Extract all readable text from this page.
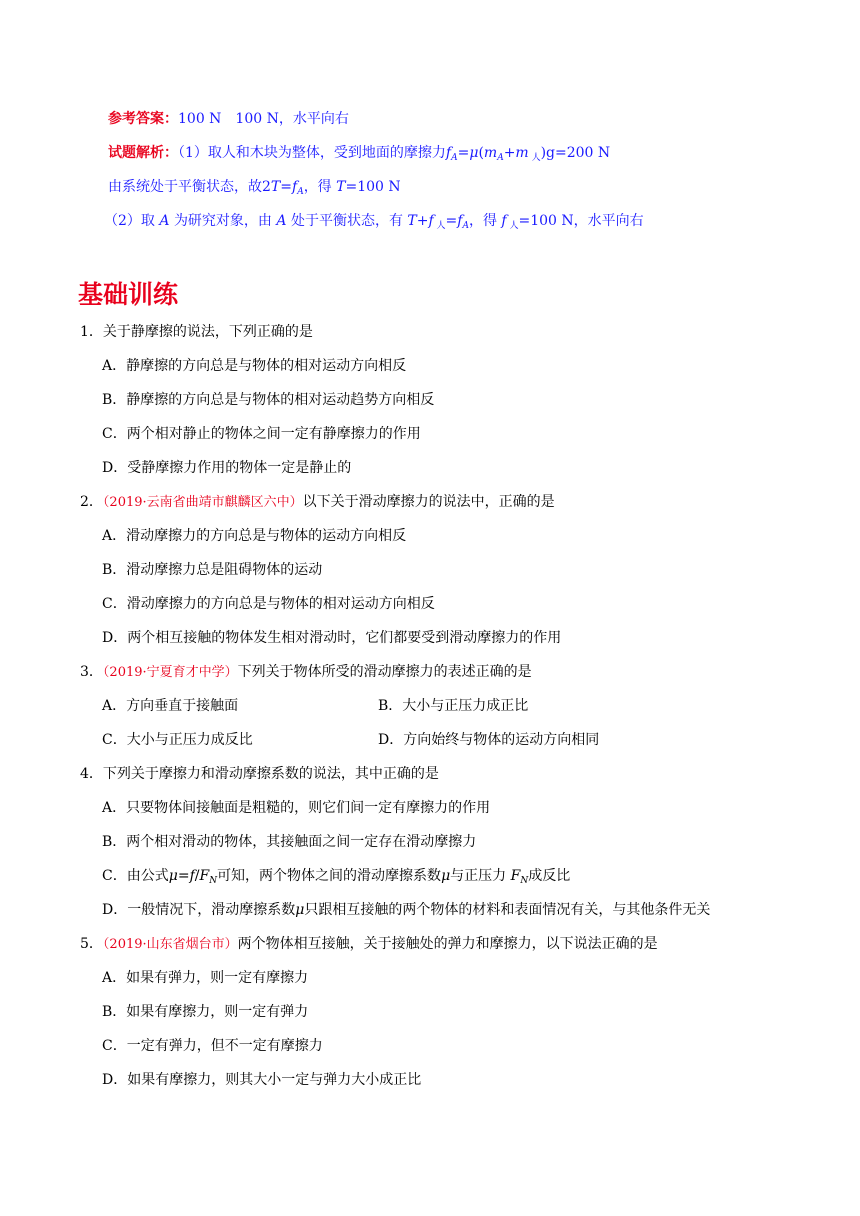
参考答案：100 N　100 N，水平向右
试题解析：（1）取人和木块为整体，受到地面的摩擦力$f_A=\mu(m_A+m$ $_人$)g=200 N
由系统处于平衡状态，故$2T=f_A$，得 T=100 N
（2）取 A 为研究对象，由 A 处于平衡状态，有 T+f $_人=f_A$，得 f $_人$=100 N，水平向右
基础训练
1．关于静摩擦的说法，下列正确的是
A．静摩擦的方向总是与物体的相对运动方向相反
B．静摩擦的方向总是与物体的相对运动趋势方向相反
C．两个相对静止的物体之间一定有静摩擦力的作用
D．受静摩擦力作用的物体一定是静止的
2．（2019·云南省曲靖市麒麟区六中）以下关于滑动摩擦力的说法中，正确的是
A．滑动摩擦力的方向总是与物体的运动方向相反
B．滑动摩擦力总是阻碍物体的运动
C．滑动摩擦力的方向总是与物体的相对运动方向相反
D．两个相互接触的物体发生相对滑动时，它们都要受到滑动摩擦力的作用
3．（2019·宁夏育才中学）下列关于物体所受的滑动摩擦力的表述正确的是
A．方向垂直于接触面	B．大小与正压力成正比
C．大小与正压力成反比	D．方向始终与物体的运动方向相同
4．下列关于摩擦力和滑动摩擦系数的说法，其中正确的是
A．只要物体间接触面是粗糙的，则它们间一定有摩擦力的作用
B．两个相对滑动的物体，其接触面之间一定存在滑动摩擦力
C．由公式$\mu=f/F_N$可知，两个物体之间的滑动摩擦系数μ与正压力 $F_N$成反比
D．一般情况下，滑动摩擦系数μ只跟相互接触的两个物体的材料和表面情况有关，与其他条件无关
5．（2019·山东省烟台市）两个物体相互接触，关于接触处的弹力和摩擦力，以下说法正确的是
A．如果有弹力，则一定有摩擦力
B．如果有摩擦力，则一定有弹力
C．一定有弹力，但不一定有摩擦力
D．如果有摩擦力，则其大小一定与弹力大小成正比
